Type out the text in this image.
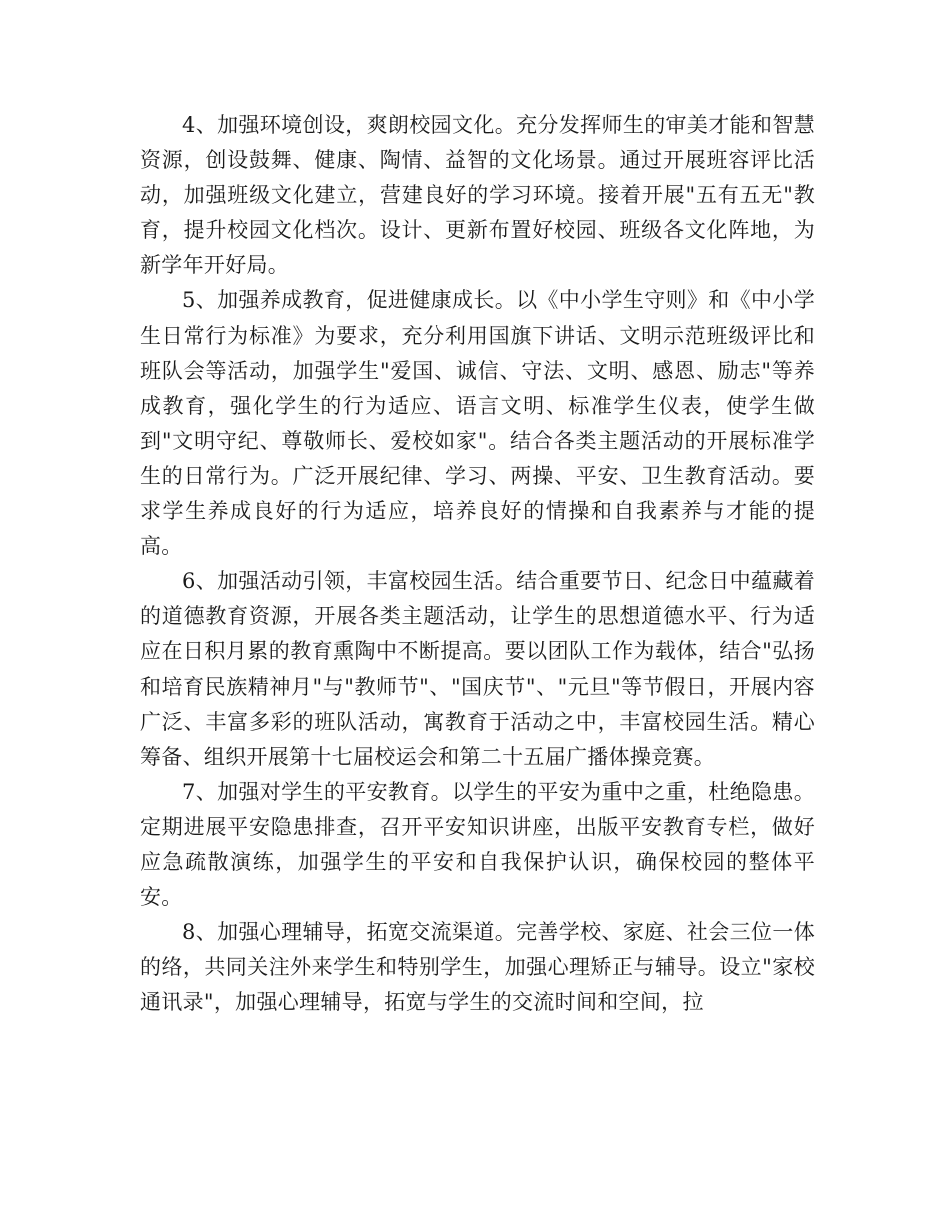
4、加强环境创设，爽朗校园文化。充分发挥师生的审美才能和智慧资源，创设鼓舞、健康、陶情、益智的文化场景。通过开展班容评比活动，加强班级文化建立，营建良好的学习环境。接着开展"五有五无"教育，提升校园文化档次。设计、更新布置好校园、班级各文化阵地，为新学年开好局。

5、加强养成教育，促进健康成长。以《中小学生守则》和《中小学生日常行为标准》为要求，充分利用国旗下讲话、文明示范班级评比和班队会等活动，加强学生"爱国、诚信、守法、文明、感恩、励志"等养成教育，强化学生的行为适应、语言文明、标准学生仪表，使学生做到"文明守纪、尊敬师长、爱校如家"。结合各类主题活动的开展标准学生的日常行为。广泛开展纪律、学习、两操、平安、卫生教育活动。要求学生养成良好的行为适应，培养良好的情操和自我素养与才能的提高。

6、加强活动引领，丰富校园生活。结合重要节日、纪念日中蕴藏着的道德教育资源，开展各类主题活动，让学生的思想道德水平、行为适应在日积月累的教育熏陶中不断提高。要以团队工作为载体，结合"弘扬和培育民族精神月"与"教师节"、"国庆节"、"元旦"等节假日，开展内容广泛、丰富多彩的班队活动，寓教育于活动之中，丰富校园生活。精心筹备、组织开展第十七届校运会和第二十五届广播体操竞赛。

7、加强对学生的平安教育。以学生的平安为重中之重，杜绝隐患。定期进展平安隐患排查，召开平安知识讲座，出版平安教育专栏，做好应急疏散演练，加强学生的平安和自我保护认识，确保校园的整体平安。

8、加强心理辅导，拓宽交流渠道。完善学校、家庭、社会三位一体的络，共同关注外来学生和特别学生，加强心理矫正与辅导。设立"家校通讯录"，加强心理辅导，拓宽与学生的交流时间和空间，拉
